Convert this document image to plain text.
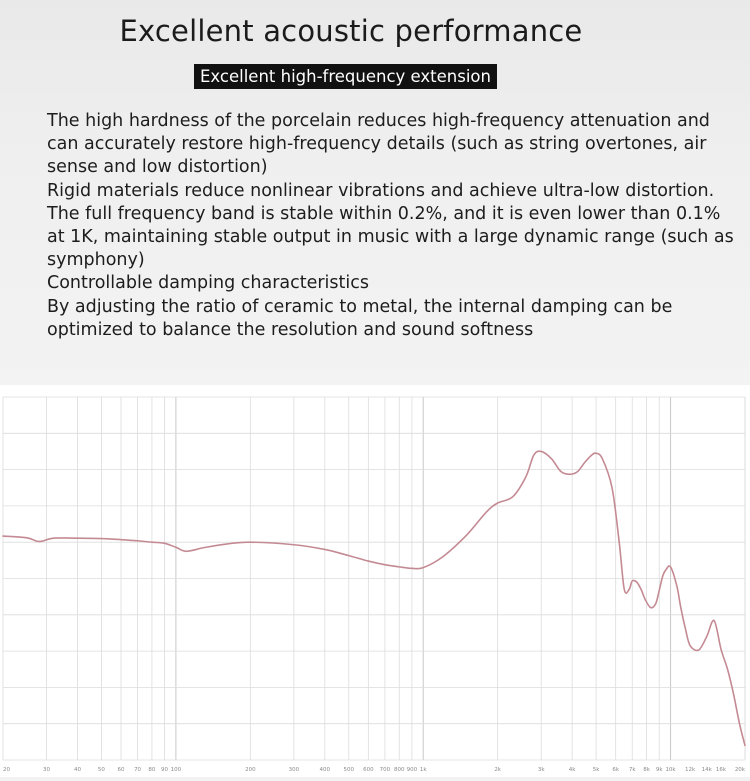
Excellent acoustic performance
Excellent high-frequency extension

The high hardness of the porcelain reduces high-frequency attenuation and can accurately restore high-frequency details (such as string overtones, air sense and low distortion)

Rigid materials reduce nonlinear vibrations and achieve ultra-low distortion. The full frequency band is stable within 0.2%, and it is even lower than 0.1% at 1K, maintaining stable output in music with a large dynamic range (such as symphony)

Controllable damping characteristics

By adjusting the ratio of ceramic to metal, the internal damping can be optimized to balance the resolution and sound softness

20	30	40	50 60 70 80 90 100	200	300	400 500 600 700 800 900 1k	2k	3k	4k	5k 6k 7k 8k 9k 10k 12k 14k 16k 20k
